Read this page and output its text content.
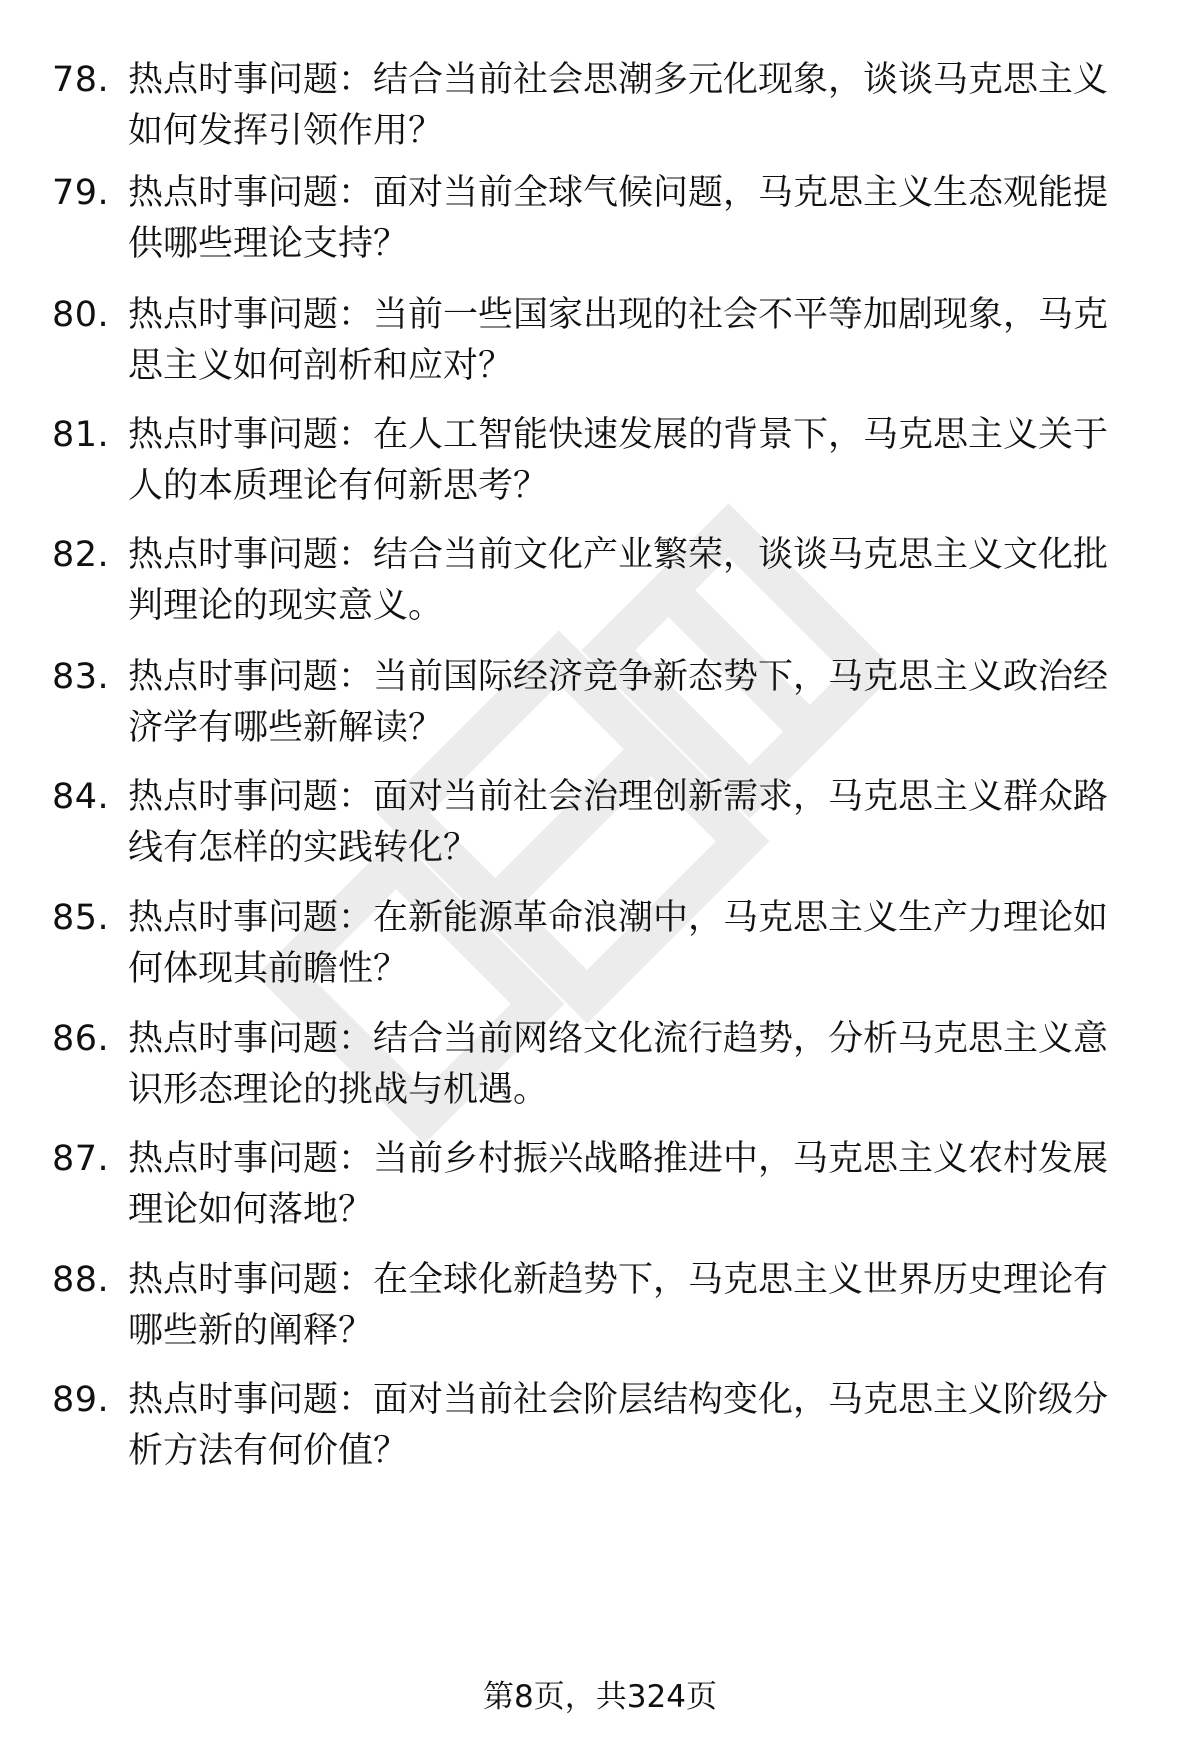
78. 热点时事问题：结合当前社会思潮多元化现象，谈谈马克思主义
如何发挥引领作用？
79. 热点时事问题：面对当前全球气候问题，马克思主义生态观能提
供哪些理论支持？
80. 热点时事问题：当前一些国家出现的社会不平等加剧现象，马克
思主义如何剖析和应对？
81. 热点时事问题：在人工智能快速发展的背景下，马克思主义关于
人的本质理论有何新思考？
82. 热点时事问题：结合当前文化产业繁荣，谈谈马克思主义文化批
判理论的现实意义。
83. 热点时事问题：当前国际经济竞争新态势下，马克思主义政治经
济学有哪些新解读？
84. 热点时事问题：面对当前社会治理创新需求，马克思主义群众路
线有怎样的实践转化？
85. 热点时事问题：在新能源革命浪潮中，马克思主义生产力理论如
何体现其前瞻性？
86. 热点时事问题：结合当前网络文化流行趋势，分析马克思主义意
识形态理论的挑战与机遇。
87. 热点时事问题：当前乡村振兴战略推进中，马克思主义农村发展
理论如何落地？
88. 热点时事问题：在全球化新趋势下，马克思主义世界历史理论有
哪些新的阐释？
89. 热点时事问题：面对当前社会阶层结构变化，马克思主义阶级分
析方法有何价值？
第8页，共324页
